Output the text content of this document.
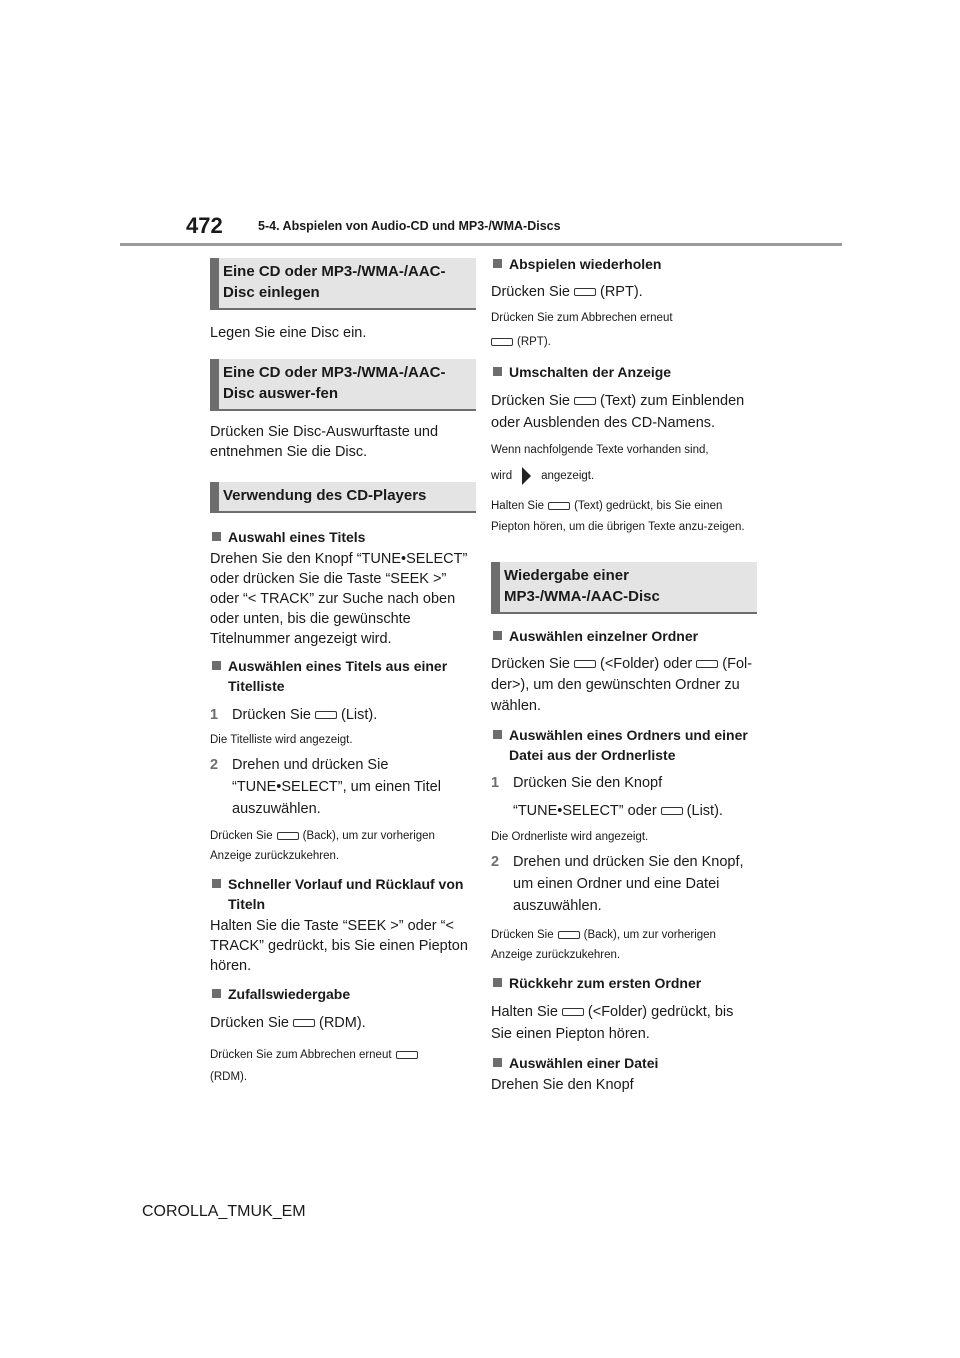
472	5-4. Abspielen von Audio-CD und MP3-/WMA-Discs
Eine CD oder MP3-/WMA-/AAC-Disc einlegen

Legen Sie eine Disc ein.

Eine CD oder MP3-/WMA-/AAC-Disc auswer-fen

Drücken Sie Disc-Auswurftaste und entnehmen Sie die Disc.

Verwendung des CD-Players

Auswahl eines Titels

Drehen Sie den Knopf “TUNE•SELECT” oder drücken Sie die Taste “SEEK >” oder “< TRACK” zur Suche nach oben oder unten, bis die gewünschte Titelnummer angezeigt wird.

Auswählen eines Titels aus einer Titelliste

1 Drücken Sie (List).

Die Titelliste wird angezeigt.

2 Drehen und drücken Sie “TUNE•SELECT”, um einen Titel auszuwählen.

Drücken Sie	(Back), um zur vorherigen Anzeige zurückzukehren.

Schneller Vorlauf und Rücklauf von Titeln

Halten Sie die Taste “SEEK >” oder “< TRACK” gedrückt, bis Sie einen Piepton hören.

Zufallswiedergabe

Drücken Sie (RDM).

Drücken Sie zum Abbrechen erneut

(RDM).

Abspielen wiederholen

Drücken Sie (RPT).

Drücken Sie zum Abbrechen erneut

(RPT).

Umschalten der Anzeige

Drücken Sie (Text) zum Einblenden oder Ausblenden des CD-Namens.

Wenn nachfolgende Texte vorhanden sind,

wird	angezeigt.

Halten Sie	(Text) gedrückt, bis Sie einen Piepton hören, um die übrigen Texte anzu-zeigen.

Wiedergabe einer MP3-/WMA-/AAC-Disc

Auswählen einzelner Ordner

Drücken Sie (<Folder) oder (Fol-der>), um den gewünschten Ordner zu wählen.

Auswählen eines Ordners und einer Datei aus der Ordnerliste

1 Drücken Sie den Knopf “TUNE•SELECT” oder (List).

Die Ordnerliste wird angezeigt.

2 Drehen und drücken Sie den Knopf, um einen Ordner und eine Datei auszuwählen.

Drücken Sie	(Back), um zur vorherigen Anzeige zurückzukehren.

Rückkehr zum ersten Ordner

Halten Sie (<Folder) gedrückt, bis Sie einen Piepton hören.

Auswählen einer Datei

Drehen Sie den Knopf

COROLLA_TMUK_EM
